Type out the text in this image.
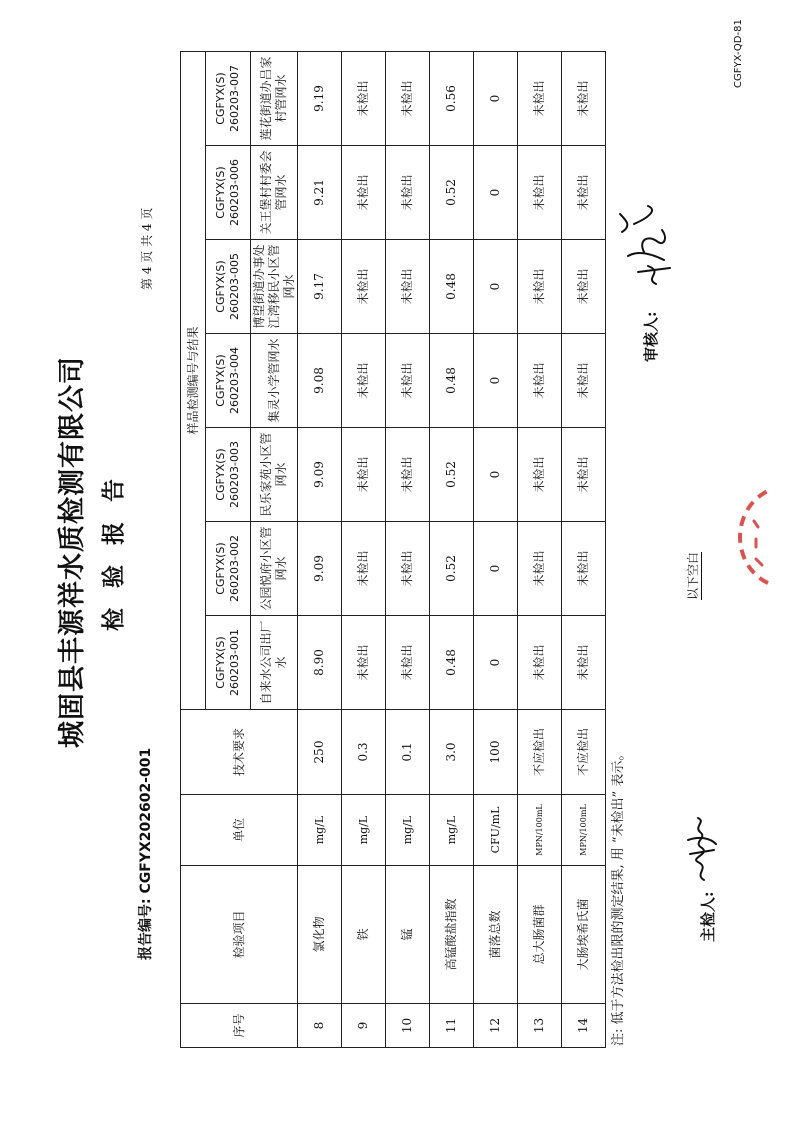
城固县丰源祥水质检测有限公司 检 验 报 告
报告编号: CGFYX202602-001
第 4 页 共 4 页
序号	检验项目	单位	技术要求	样品检测编号与结果						

				CGFYX(S) 260203-001	CGFYX(S) 260203-002	CGFYX(S) 260203-003	CGFYX(S) 260203-004	CGFYX(S) 260203-005	CGFYX(S) 260203-006	CGFYX(S) 260203-007

				自来水公司出厂水	公园悦府小区管网水	民乐家苑小区管网水	集灵小学管网水	博望街道办事处江湾移民小区管网水	关王堡村村委会管网水	莲花街道办吕家村管网水
8	氯化物	mg/L	250	8.90	9.09	9.09	9.08	9.17	9.21	9.19
9	铁	mg/L	0.3	未检出	未检出	未检出	未检出	未检出	未检出	未检出
10	锰	mg/L	0.1	未检出	未检出	未检出	未检出	未检出	未检出	未检出
11	高锰酸盐指数	mg/L	3.0	0.48	0.52	0.52	0.48	0.48	0.52	0.56
12	菌落总数	CFU/mL	100	0	0	0	0	0	0	0
13	总大肠菌群	MPN/100mL	不应检出	未检出	未检出	未检出	未检出	未检出	未检出	未检出
14	大肠埃希氏菌	MPN/100mL	不应检出	未检出	未检出	未检出	未检出	未检出	未检出	未检出
注: 低于方法检出限的测定结果, 用 “未检出” 表示。	主检人:
审核人:
以下空白
CGFYX-QD-81
